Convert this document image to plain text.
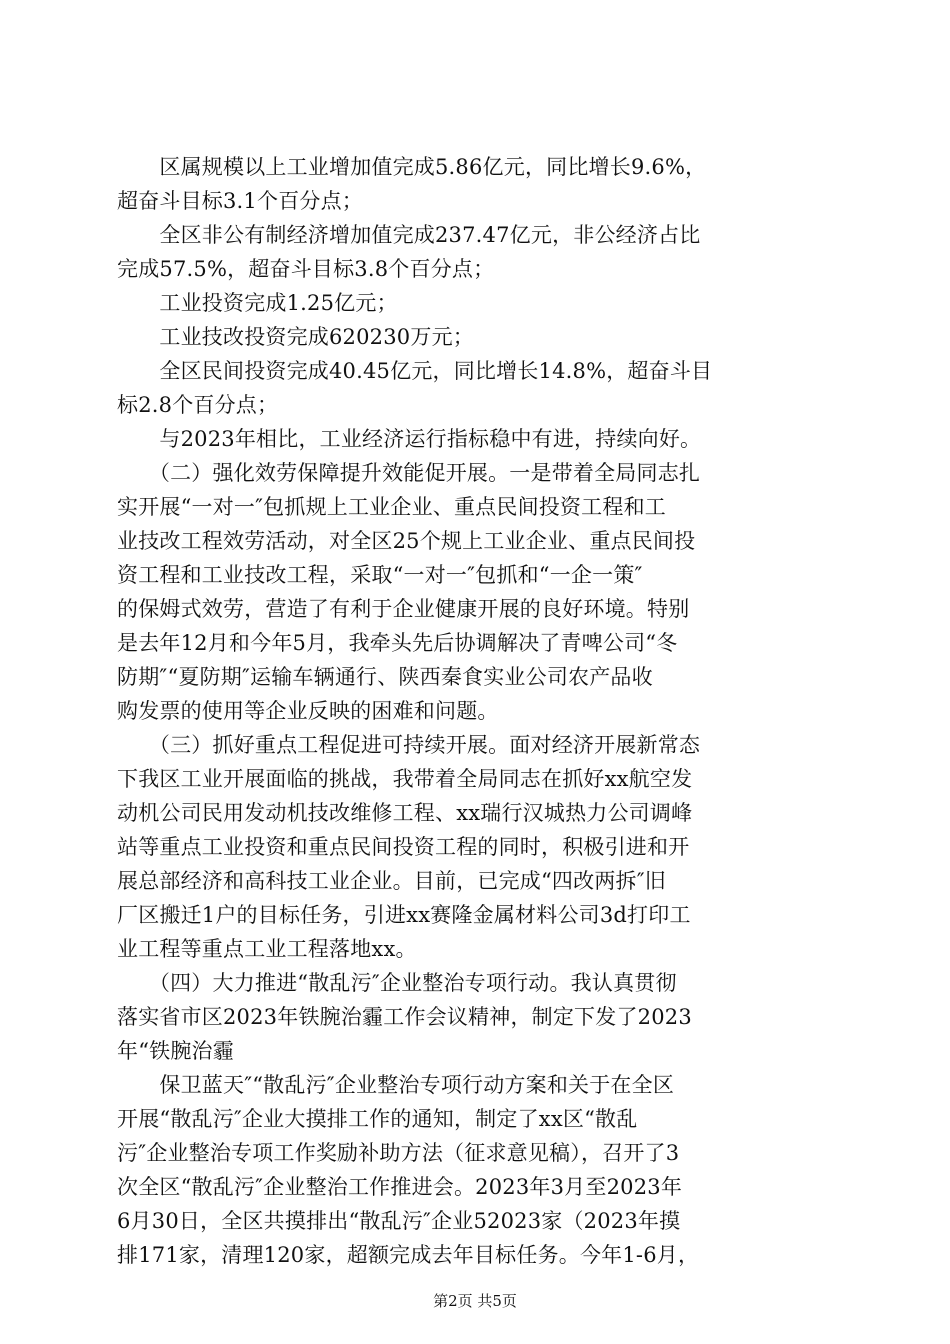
　　区属规模以上工业增加值完成5.86亿元，同比增长9.6%，
超奋斗目标3.1个百分点；
　　全区非公有制经济增加值完成237.47亿元，非公经济占比
完成57.5%，超奋斗目标3.8个百分点；
　　工业投资完成1.25亿元；
　　工业技改投资完成620230万元；
　　全区民间投资完成40.45亿元，同比增长14.8%，超奋斗目
标2.8个百分点；
　　与2023年相比，工业经济运行指标稳中有进，持续向好。
　　（二）强化效劳保障提升效能促开展。一是带着全局同志扎
实开展“一对一″包抓规上工业企业、重点民间投资工程和工
业技改工程效劳活动，对全区25个规上工业企业、重点民间投
资工程和工业技改工程，采取“一对一″包抓和“一企一策″
的保姆式效劳，营造了有利于企业健康开展的良好环境。特别
是去年12月和今年5月，我牵头先后协调解决了青啤公司“冬
防期″“夏防期″运输车辆通行、陕西秦食实业公司农产品收
购发票的使用等企业反映的困难和问题。
　　（三）抓好重点工程促进可持续开展。面对经济开展新常态
下我区工业开展面临的挑战，我带着全局同志在抓好xx航空发
动机公司民用发动机技改维修工程、xx瑞行汉城热力公司调峰
站等重点工业投资和重点民间投资工程的同时，积极引进和开
展总部经济和高科技工业企业。目前，已完成“四改两拆″旧
厂区搬迁1户的目标任务，引进xx赛隆金属材料公司3d打印工
业工程等重点工业工程落地xx。
　　（四）大力推进“散乱污″企业整治专项行动。我认真贯彻
落实省市区2023年铁腕治霾工作会议精神，制定下发了2023
年“铁腕治霾
　　保卫蓝天″“散乱污″企业整治专项行动方案和关于在全区
开展“散乱污″企业大摸排工作的通知，制定了xx区“散乱
污″企业整治专项工作奖励补助方法（征求意见稿），召开了3
次全区“散乱污″企业整治工作推进会。2023年3月至2023年
6月30日，全区共摸排出“散乱污″企业52023家（2023年摸
排171家，清理120家，超额完成去年目标任务。今年1-6月，
第2页 共5页
